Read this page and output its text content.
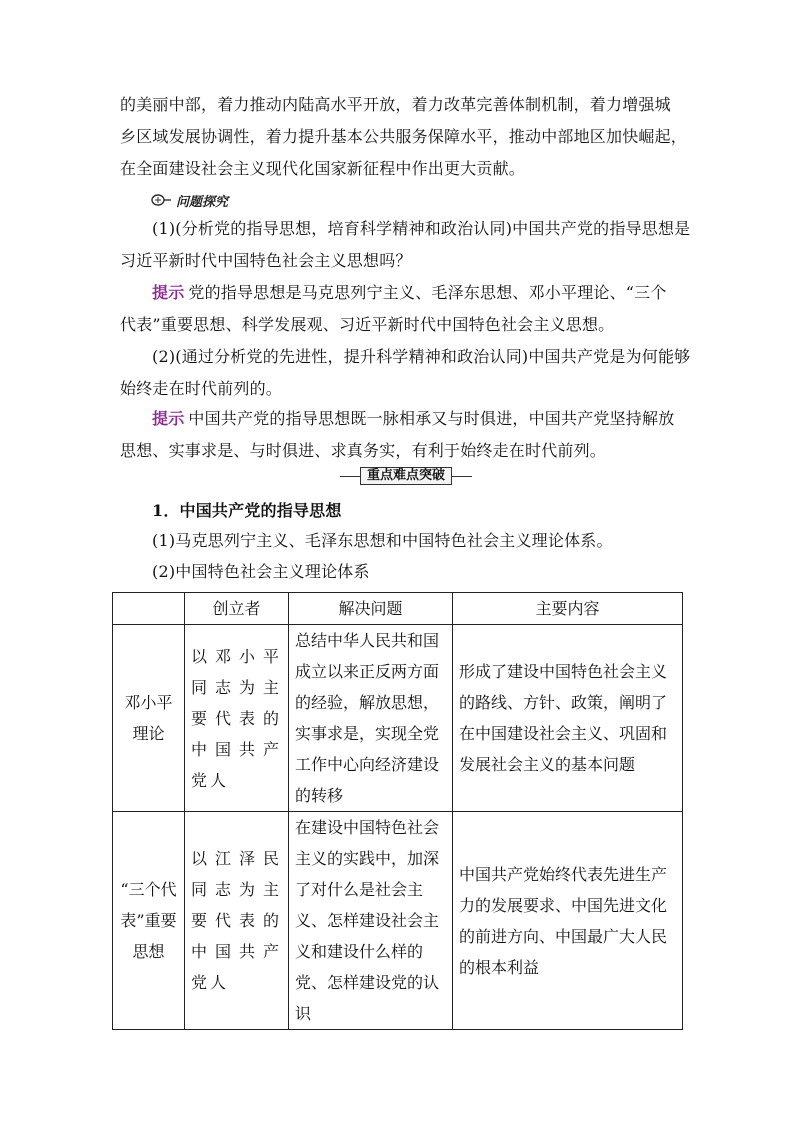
的美丽中部，着力推动内陆高水平开放，着力改革完善体制机制，着力增强城
乡区域发展协调性，着力提升基本公共服务保障水平，推动中部地区加快崛起，
在全面建设社会主义现代化国家新征程中作出更大贡献。
问题探究
(1)(分析党的指导思想，培育科学精神和政治认同)中国共产党的指导思想是
习近平新时代中国特色社会主义思想吗？
提示 党的指导思想是马克思列宁主义、毛泽东思想、邓小平理论、“三个
代表”重要思想、科学发展观、习近平新时代中国特色社会主义思想。
(2)(通过分析党的先进性，提升科学精神和政治认同)中国共产党是为何能够
始终走在时代前列的。
提示 中国共产党的指导思想既一脉相承又与时俱进，中国共产党坚持解放
思想、实事求是、与时俱进、求真务实，有利于始终走在时代前列。
重点难点突破
1．中国共产党的指导思想
(1)马克思列宁主义、毛泽东思想和中国特色社会主义理论体系。
(2)中国特色社会主义理论体系
	创立者	解决问题	主要内容
邓小平理论	以邓小平同志为主要代表的中国共产党人	总结中华人民共和国成立以来正反两方面的经验，解放思想，实事求是，实现全党工作中心向经济建设的转移	形成了建设中国特色社会主义的路线、方针、政策，阐明了在中国建设社会主义、巩固和发展社会主义的基本问题
“三个代表”重要思想	以江泽民同志为主要代表的中国共产党人	在建设中国特色社会主义的实践中，加深了对什么是社会主义、怎样建设社会主义和建设什么样的党、怎样建设党的认识	中国共产党始终代表先进生产力的发展要求、中国先进文化的前进方向、中国最广大人民的根本利益
